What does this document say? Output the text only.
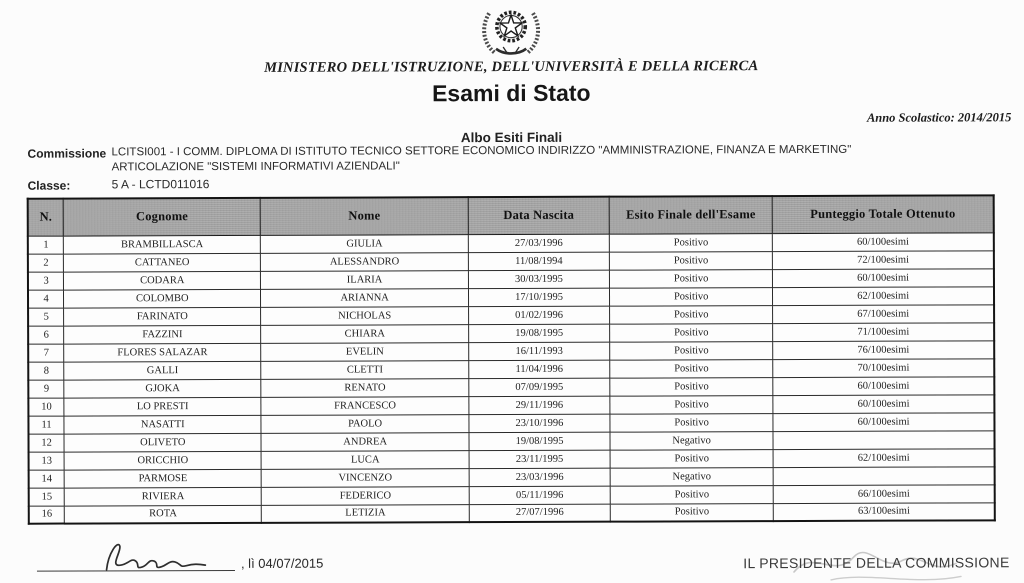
MINISTERO DELL'ISTRUZIONE, DELL'UNIVERSITÀ E DELLA RICERCA
Esami di Stato
Anno Scolastico: 2014/2015
Albo Esiti Finali
Commissione LCITSI001 - I COMM. DIPLOMA DI ISTITUTO TECNICO SETTORE ECONOMICO INDIRIZZO "AMMINISTRAZIONE, FINANZA E MARKETING"
ARTICOLAZIONE "SISTEMI INFORMATIVI AZIENDALI"
Classe:	5 A - LCTD011016
N.	Cognome	Nome	Data Nascita	Esito Finale dell'Esame	Punteggio Totale Ottenuto
1	BRAMBILLASCA	GIULIA	27/03/1996	Positivo	60/100esimi
2	CATTANEO	ALESSANDRO	11/08/1994	Positivo	72/100esimi
3	CODARA	ILARIA	30/03/1995	Positivo	60/100esimi
4	COLOMBO	ARIANNA	17/10/1995	Positivo	62/100esimi
5	FARINATO	NICHOLAS	01/02/1996	Positivo	67/100esimi
6	FAZZINI	CHIARA	19/08/1995	Positivo	71/100esimi
7	FLORES SALAZAR	EVELIN	16/11/1993	Positivo	76/100esimi
8	GALLI	CLETTI	11/04/1996	Positivo	70/100esimi
9	GJOKA	RENATO	07/09/1995	Positivo	60/100esimi
10	LO PRESTI	FRANCESCO	29/11/1996	Positivo	60/100esimi
11	NASATTI	PAOLO	23/10/1996	Positivo	60/100esimi
12	OLIVETO	ANDREA	19/08/1995	Negativo	
13	ORICCHIO	LUCA	23/11/1995	Positivo	62/100esimi
14	PARMOSE	VINCENZO	23/03/1996	Negativo	
15	RIVIERA	FEDERICO	05/11/1996	Positivo	66/100esimi
16	ROTA	LETIZIA	27/07/1996	Positivo	63/100esimi
, lì 04/07/2015	IL PRESIDENTE DELLA COMMISSIONE
